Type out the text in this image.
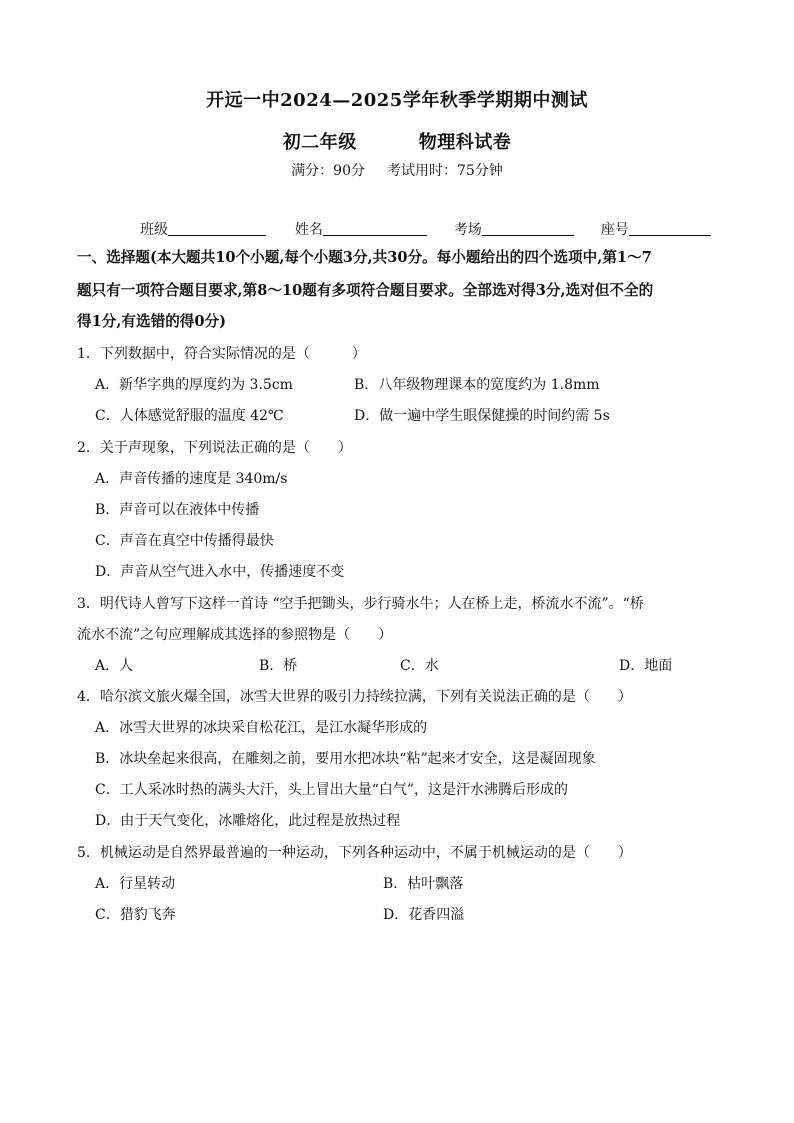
开远一中2024—2025学年秋季学期期中测试
初二年级	物理科试卷
满分：90分 考试用时：75分钟
班级	姓名	考场	座号
一、选择题(本大题共10个小题,每个小题3分,共30分。每小题给出的四个选项中,第1～7
题只有一项符合题目要求,第8～10题有多项符合题目要求。全部选对得3分,选对但不全的
得1分,有选错的得0分)
1．下列数据中，符合实际情况的是（　　　）
A．新华字典的厚度约为 3.5cm	B．八年级物理课本的宽度约为 1.8mm
C．人体感觉舒服的温度 42℃	D．做一遍中学生眼保健操的时间约需 5s
2．关于声现象，下列说法正确的是（　　）
A．声音传播的速度是 340m/s
B．声音可以在液体中传播
C．声音在真空中传播得最快
D．声音从空气进入水中，传播速度不变
3．明代诗人曾写下这样一首诗 “空手把锄头，步行骑水牛；人在桥上走，桥流水不流”。“桥
流水不流”之句应理解成其选择的参照物是（　　）
A．人	B．桥	C．水	D．地面
4．哈尔滨文旅火爆全国，冰雪大世界的吸引力持续拉满，下列有关说法正确的是（　　）
A．冰雪大世界的冰块采自松花江，是江水凝华形成的
B．冰块垒起来很高，在雕刻之前，要用水把冰块“粘”起来才安全，这是凝固现象
C．工人采冰时热的满头大汗，头上冒出大量“白气”，这是汗水沸腾后形成的
D．由于天气变化，冰雕熔化，此过程是放热过程
5．机械运动是自然界最普遍的一种运动，下列各种运动中，不属于机械运动的是（　　）
A．行星转动	B．枯叶飘落
C．猎豹飞奔	D．花香四溢
